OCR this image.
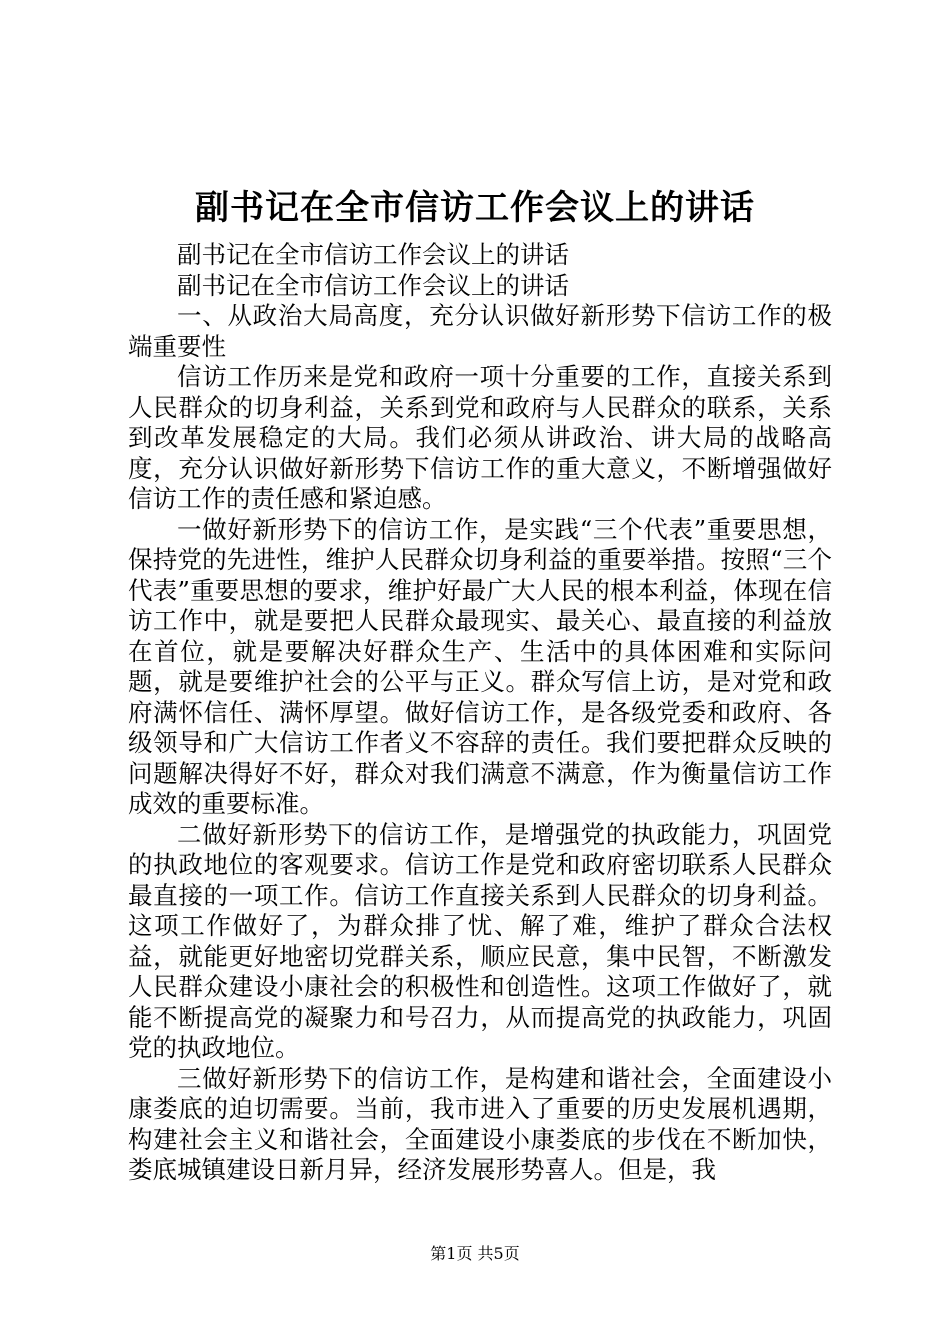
副书记在全市信访工作会议上的讲话

副书记在全市信访工作会议上的讲话

副书记在全市信访工作会议上的讲话

一、从政治大局高度，充分认识做好新形势下信访工作的极端重要性

信访工作历来是党和政府一项十分重要的工作，直接关系到人民群众的切身利益，关系到党和政府与人民群众的联系，关系到改革发展稳定的大局。我们必须从讲政治、讲大局的战略高度，充分认识做好新形势下信访工作的重大意义，不断增强做好信访工作的责任感和紧迫感。

一做好新形势下的信访工作，是实践“三个代表”重要思想，保持党的先进性，维护人民群众切身利益的重要举措。按照“三个代表”重要思想的要求，维护好最广大人民的根本利益，体现在信访工作中，就是要把人民群众最现实、最关心、最直接的利益放在首位，就是要解决好群众生产、生活中的具体困难和实际问题，就是要维护社会的公平与正义。群众写信上访，是对党和政府满怀信任、满怀厚望。做好信访工作，是各级党委和政府、各级领导和广大信访工作者义不容辞的责任。我们要把群众反映的问题解决得好不好，群众对我们满意不满意，作为衡量信访工作成效的重要标准。

二做好新形势下的信访工作，是增强党的执政能力，巩固党的执政地位的客观要求。信访工作是党和政府密切联系人民群众最直接的一项工作。信访工作直接关系到人民群众的切身利益。这项工作做好了，为群众排了忧、解了难，维护了群众合法权益，就能更好地密切党群关系，顺应民意，集中民智，不断激发人民群众建设小康社会的积极性和创造性。这项工作做好了，就能不断提高党的凝聚力和号召力，从而提高党的执政能力，巩固党的执政地位。

三做好新形势下的信访工作，是构建和谐社会，全面建设小康娄底的迫切需要。当前，我市进入了重要的历史发展机遇期，构建社会主义和谐社会，全面建设小康娄底的步伐在不断加快，娄底城镇建设日新月异，经济发展形势喜人。但是，我

第1页 共5页
